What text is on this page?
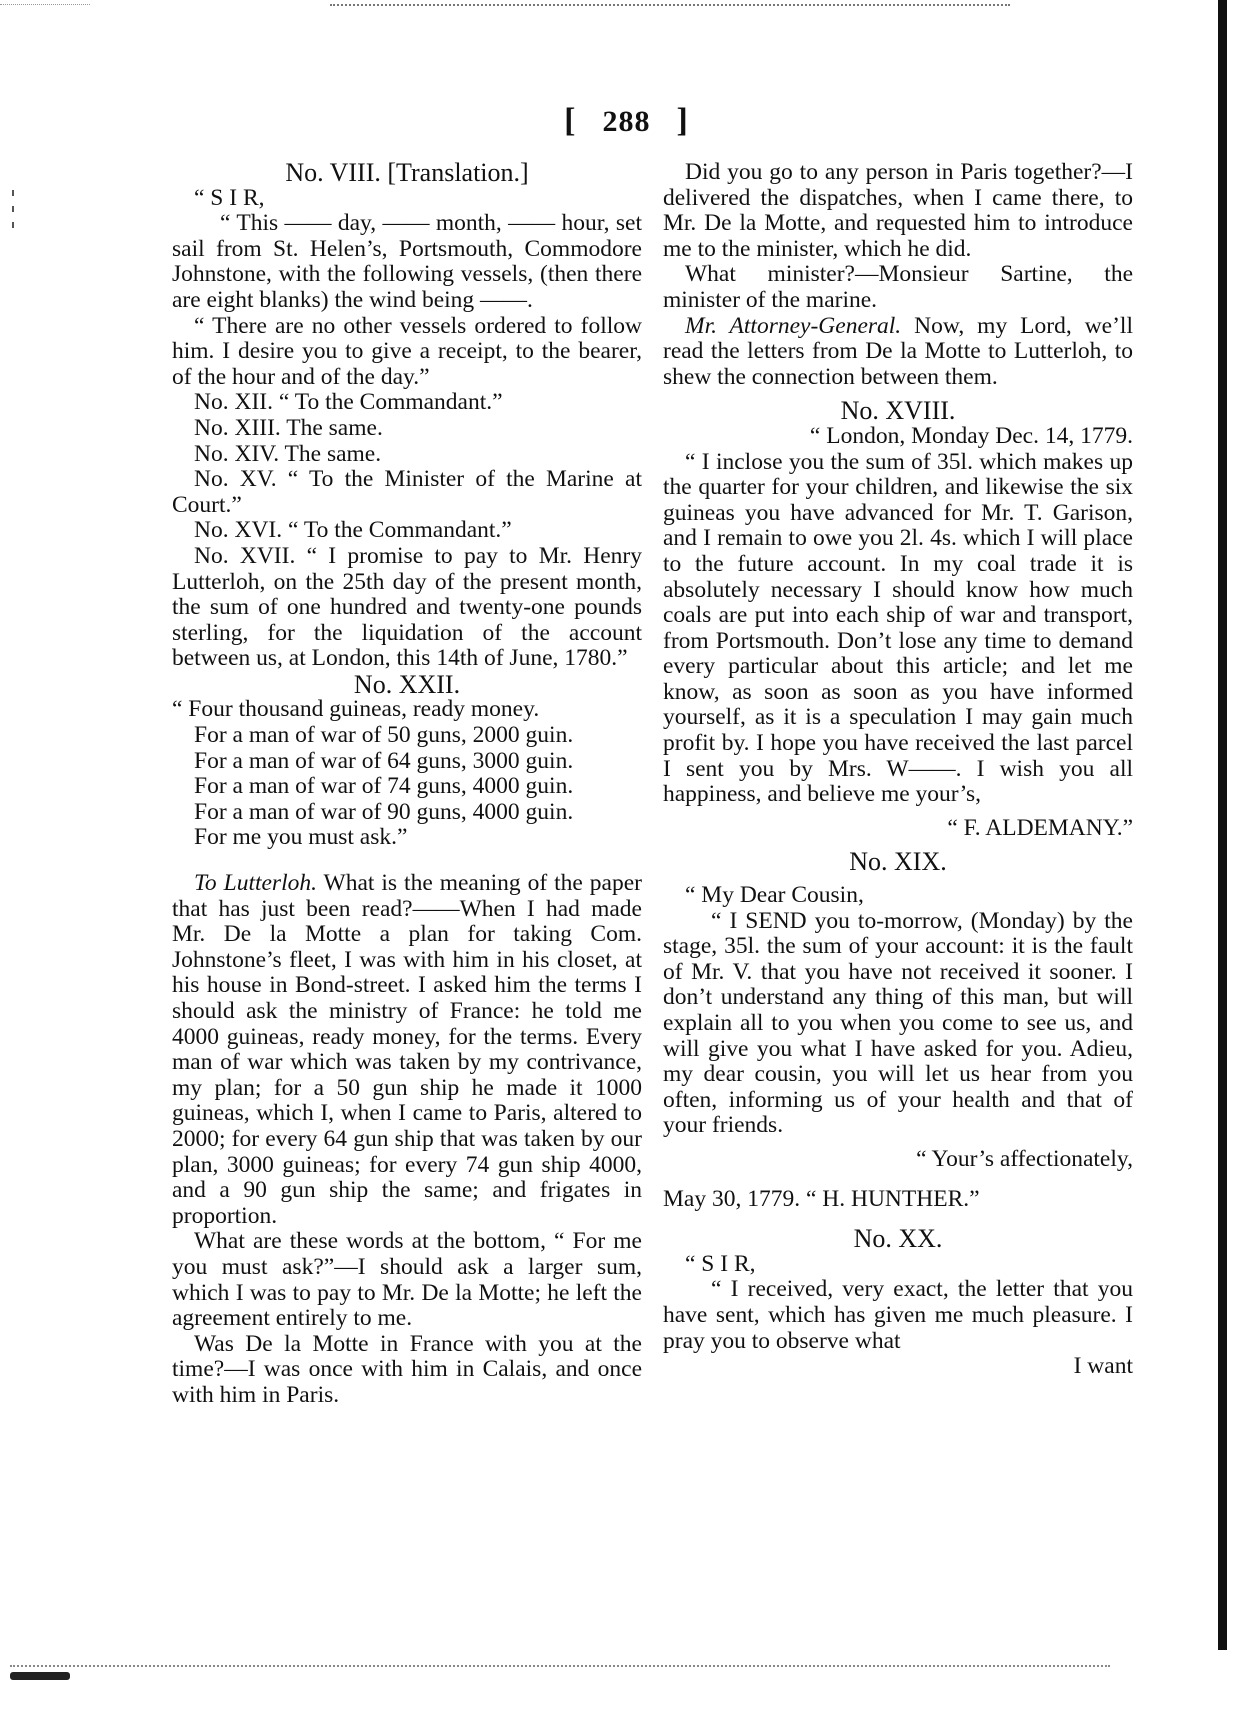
[ 288 ]

No. VIII. [Translation.]

“ S I R,

“ This —— day, —— month, —— hour, set sail from St. Helen’s, Portsmouth, Commodore Johnstone, with the following vessels, (then there are eight blanks) the wind being ——.

“ There are no other vessels ordered to follow him. I desire you to give a receipt, to the bearer, of the hour and of the day.”

No. XII. “ To the Commandant.”

No. XIII. The same.

No. XIV. The same.

No. XV. “ To the Minister of the Marine at Court.”

No. XVI. “ To the Commandant.”

No. XVII. “ I promise to pay to Mr. Henry Lutterloh, on the 25th day of the present month, the sum of one hundred and twenty-one pounds sterling, for the liquidation of the account between us, at London, this 14th of June, 1780.”

No. XXII.

“ Four thousand guineas, ready money.

For a man of war of 50 guns, 2000 guin.

For a man of war of 64 guns, 3000 guin.

For a man of war of 74 guns, 4000 guin.

For a man of war of 90 guns, 4000 guin.

For me you must ask.”

To Lutterloh. What is the meaning of the paper that has just been read?——When I had made Mr. De la Motte a plan for taking Com. Johnstone’s fleet, I was with him in his closet, at his house in Bond-street. I asked him the terms I should ask the ministry of France: he told me 4000 guineas, ready money, for the terms. Every man of war which was taken by my contrivance, my plan; for a 50 gun ship he made it 1000 guineas, which I, when I came to Paris, altered to 2000; for every 64 gun ship that was taken by our plan, 3000 guineas; for every 74 gun ship 4000, and a 90 gun ship the same; and frigates in proportion.

What are these words at the bottom, “ For me you must ask?”—I should ask a larger sum, which I was to pay to Mr. De la Motte; he left the agreement entirely to me.

Was De la Motte in France with you at the time?—I was once with him in Calais, and once with him in Paris.

Did you go to any person in Paris together?—I delivered the dispatches, when I came there, to Mr. De la Motte, and requested him to introduce me to the minister, which he did.

What minister?—Monsieur Sartine, the minister of the marine.

Mr. Attorney-General. Now, my Lord, we’ll read the letters from De la Motte to Lutterloh, to shew the connection between them.

No. XVIII.

“ London, Monday Dec. 14, 1779.

“ I inclose you the sum of 35l. which makes up the quarter for your children, and likewise the six guineas you have advanced for Mr. T. Garison, and I remain to owe you 2l. 4s. which I will place to the future account. In my coal trade it is absolutely necessary I should know how much coals are put into each ship of war and transport, from Portsmouth. Don’t lose any time to demand every particular about this article; and let me know, as soon as soon as you have informed yourself, as it is a speculation I may gain much profit by. I hope you have received the last parcel I sent you by Mrs. W——. I wish you all happiness, and believe me your’s,

“ F. ALDEMANY.”

No. XIX.

“ My Dear Cousin,

“ I SEND you to-morrow, (Monday) by the stage, 35l. the sum of your account: it is the fault of Mr. V. that you have not received it sooner. I don’t understand any thing of this man, but will explain all to you when you come to see us, and will give you what I have asked for you. Adieu, my dear cousin, you will let us hear from you often, informing us of your health and that of your friends.

“ Your’s affectionately,

May 30, 1779. “ H. HUNTHER.”

No. XX.

“ S I R,

“ I received, very exact, the letter that you have sent, which has given me much pleasure. I pray you to observe what

I want
